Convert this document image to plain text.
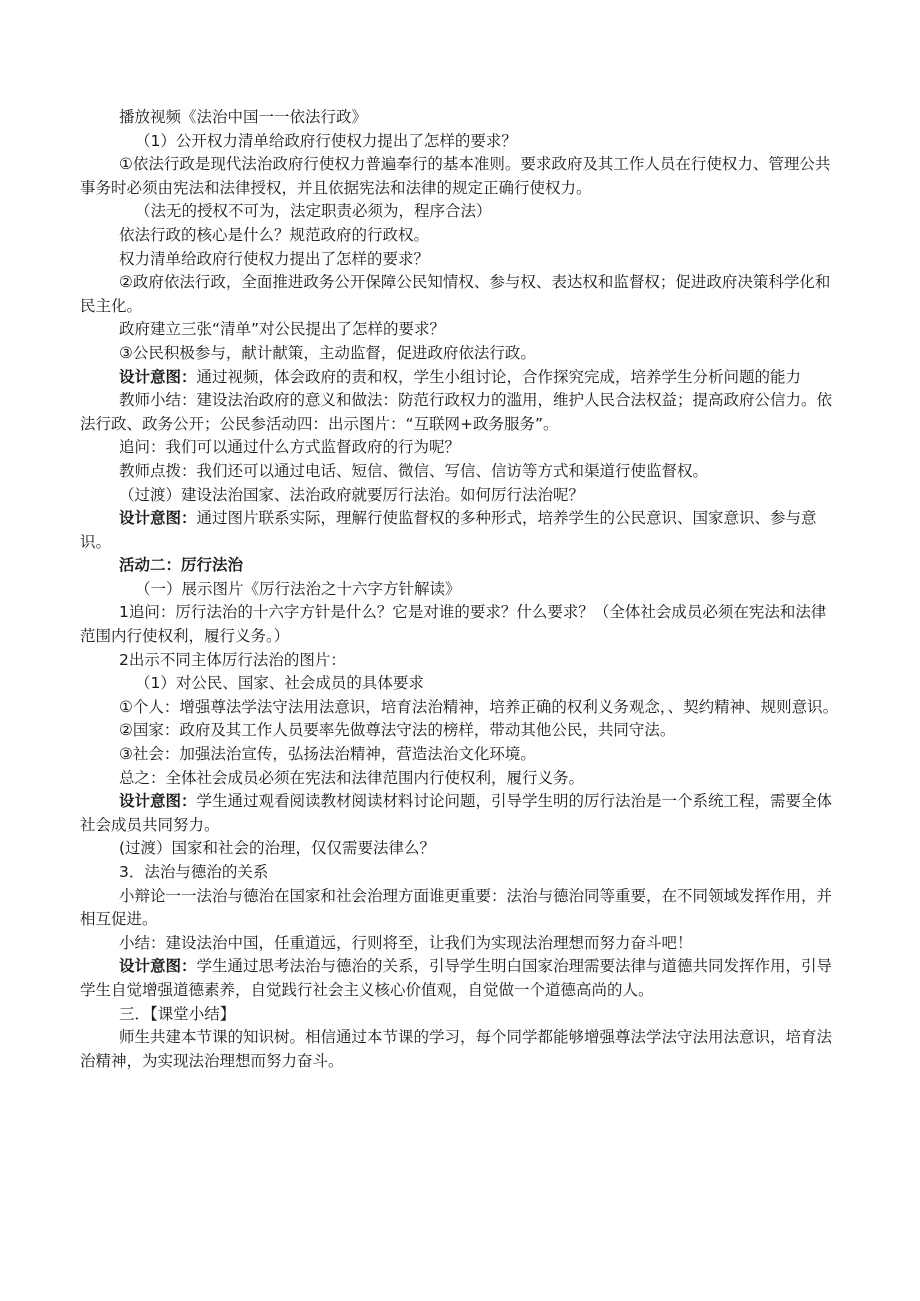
播放视频《法治中国一一依法行政》

（1）公开权力清单给政府行使权力提出了怎样的要求？

①依法行政是现代法治政府行使权力普遍奉行的基本准则。要求政府及其工作人员在行使权力、管理公共事务时必须由宪法和法律授权，并且依据宪法和法律的规定正确行使权力。

（法无的授权不可为，法定职责必须为，程序合法）

依法行政的核心是什么？规范政府的行政权。

权力清单给政府行使权力提出了怎样的要求？

②政府依法行政，全面推进政务公开保障公民知情权、参与权、表达权和监督权；促进政府决策科学化和民主化。

政府建立三张“清单”对公民提出了怎样的要求？

③公民积极参与，献计献策，主动监督，促进政府依法行政。

设计意图：通过视频，体会政府的责和权，学生小组讨论，合作探究完成，培养学生分析问题的能力

教师小结：建设法治政府的意义和做法：防范行政权力的滥用，维护人民合法权益；提高政府公信力。依法行政、政务公开；公民参活动四：出示图片：“互联网+政务服务”。

追问：我们可以通过什么方式监督政府的行为呢？

教师点拨：我们还可以通过电话、短信、微信、写信、信访等方式和渠道行使监督权。

（过渡）建设法治国家、法治政府就要厉行法治。如何厉行法治呢？

设计意图：通过图片联系实际，理解行使监督权的多种形式，培养学生的公民意识、国家意识、参与意识。

活动二：厉行法治

（一）展示图片《厉行法治之十六字方针解读》

1追问：厉行法治的十六字方针是什么？它是对谁的要求？什么要求？（全体社会成员必须在宪法和法律范围内行使权利，履行义务。）

2出示不同主体厉行法治的图片：

（1）对公民、国家、社会成员的具体要求

①个人：增强尊法学法守法用法意识，培育法治精神，培养正确的权利义务观念，、契约精神、规则意识。

②国家：政府及其工作人员要率先做尊法守法的榜样，带动其他公民，共同守法。

③社会：加强法治宣传，弘扬法治精神，营造法治文化环境。

总之：全体社会成员必须在宪法和法律范围内行使权利，履行义务。

设计意图：学生通过观看阅读教材阅读材料讨论问题，引导学生明的厉行法治是一个系统工程，需要全体社会成员共同努力。

(过渡）国家和社会的治理，仅仅需要法律么？

3．法治与德治的关系

小辩论一一法治与德治在国家和社会治理方面谁更重要：法治与德治同等重要，在不同领域发挥作用，并相互促进。

小结：建设法治中国，任重道远，行则将至，让我们为实现法治理想而努力奋斗吧！

设计意图：学生通过思考法治与德治的关系，引导学生明白国家治理需要法律与道德共同发挥作用，引导学生自觉增强道德素养，自觉践行社会主义核心价值观，自觉做一个道德高尚的人。

三．【课堂小结】

师生共建本节课的知识树。相信通过本节课的学习，每个同学都能够增强尊法学法守法用法意识，培育法治精神，为实现法治理想而努力奋斗。
